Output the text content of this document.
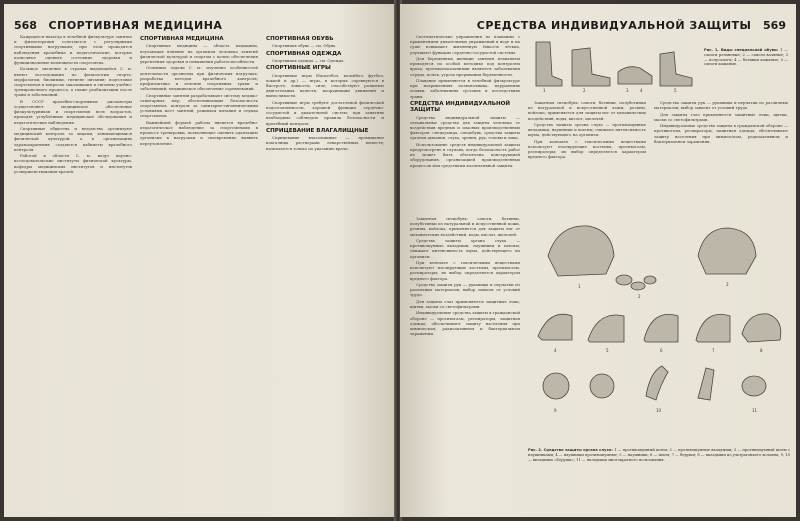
568 СПОРТИВНАЯ МЕДИЦИНА

Кажущееся некогда в лечебной физкультуре занятие и физиотерапия сочетаются с регулярными спортивными нагрузками; при этом проводятся наблюдения врачебные и педагогические, которые позволяют оценить состояние здоровья и функциональные возможности спортсмена.

Большое значение в странах выдающейся С. м. имеют исследования по физиологии спорта, морфологии, биохимии, гигиене питания; подготовке спортсменов в вопросах закаливания и гигиены учебно-тренировочного процесса, а также реабилитации после травм и заболеваний.

В СССР врачебно-спортивные диспансеры осуществляют медицинское обеспечение физкультурников и спортсменов всех возрастов, проводят углублённые медицинские обследования и педагогические наблюдения.

Спортивные общества и ведомства организуют медицинский контроль за лицами, занимающимися физической культурой, а в организациях здравоохранения создаются кабинеты врачебного контроля.

Работой в области С. м. ведут научно-исследовательские институты физической культуры, кафедры медицинских институтов и институтов усовершенствования врачей.

СПОРТИВНАЯ МЕДИЦИНА

Спортивная медицина — область медицины, изучающая влияние на организм человека занятий физической культурой и спортом с целью обеспечения укрепления здоровья и повышения работоспособности.

Основные задачи С. м.: изучение особенностей деятельности организма при физических нагрузках; разработка методов врачебного контроля; профилактика и лечение спортивных травм и заболеваний; медицинское обеспечение соревнований.

Спортивные занятия разрабатывают систему медико-санитарных мер, обеспечивающих безопасность спортсменов, контроль за санитарно-гигиеническими условиями мест занятий, режимом питания и отдыха спортсменов.

Важнейшей формой работы является врачебно-педагогическое наблюдение за спортсменами в процессе тренировки, позволяющее оценить адаптацию организма к нагрузкам и своевременно выявить переутомление.

СПОРТИВНАЯ ОБУВЬ

Спортивная обувь — см. Обувь.

СПОРТИВНАЯ ОДЕЖДА

Спортивная одежда — см. Одежда.

СПОРТИВНЫЕ ИГРЫ

Спортивные игры (баскетбол, волейбол, футбол, хоккей и др.) — игры, в которых соревнуются в быстроте, ловкости, силе; способствуют развитию двигательных качеств, координации движений и выносливости.

Спортивные игры требуют достаточной физической подготовленности, хорошей функции сердечно-сосудистой и дыхательной систем; при занятиях необходимо соблюдать правила безопасности и врачебный контроль.

СПРИЦЕВАНИЕ ВЛАГАЛИЩНЫЕ

Сприцевание влагалищные — промывание влагалища растворами лекарственных веществ; назначается только по указанию врача.

СРЕДСТВА ИНДИВИДУАЛЬНОЙ ЗАЩИТЫ 569

Систематические упражнения по плаванию с применением дыхательных упражнений в воде и на суше повышают жизненную ёмкость лёгких, улучшают функцию сердечно-сосудистой системы.

Для беременных женщин занятия плаванием проводятся по особой методике под контролем врача; противопоказаниями являются заболевания сердца, почек, угроза прерывания беременности.

Плавание применяется в лечебной физкультуре при искривлениях позвоночника, нарушениях осанки, заболеваниях суставов и последствиях травм.

СРЕДСТВА ИНДИВИДУАЛЬНОЙ ЗАЩИТЫ

Средства индивидуальной защиты — специальные средства для защиты человека от воздействия вредных и опасных производственных факторов: спецодежда, спецобувь, средства защиты органов дыхания, слуха, зрения, рук, головы и лица.

Использование средств индивидуальной защиты предусмотрено в случаях, когда безопасность работ не может быть обеспечена конструкцией оборудования, организацией производственных процессов или средствами коллективной защиты.

1	2	3	4	5
Рис. 1. Виды специальной обуви: 1 — сапоги резиновые; 2 — сапоги валяные; 3 — полусапоги; 4 — ботинки кожаные; 5 — сапоги кожаные.

Защитная спецобувь: сапоги, ботинки, полуботинки из натуральной и искусственной кожи, резины, войлока; применяется для защиты ног от механических воздействий, воды, кислот, щелочей.

Средства защиты органа слуха — противошумные вкладыши, наушники и шлемы; снижают интенсивность шума, действующего на организм.

При контакте с токсическими веществами используют изолирующие костюмы, противогазы, респираторы; их выбор определяется характером вредного фактора.

Средства защиты рук — рукавицы и перчатки из различных материалов; выбор зависит от условий труда.

Для защиты глаз применяются защитные очки, щитки, маски со светофильтрами.

Индивидуальные средства защиты в гражданской обороне — противогазы, респираторы, защитная одежда; обеспечивают защиту населения при химическом, радиоактивном и бактериальном заражении.

1
2
3
4	5	6	7	8
9	10	11

Защитная спецобувь: сапоги, ботинки, полуботинки из натуральной и искусственной кожи, резины, войлока; применяется для защиты ног от механических воздействий, воды, кислот, щелочей.

Средства защиты органа слуха — противошумные вкладыши, наушники и шлемы; снижают интенсивность шума, действующего на организм.

При контакте с токсическими веществами используют изолирующие костюмы, противогазы, респираторы; их выбор определяется характером вредного фактора.

Средства защиты рук — рукавицы и перчатки из различных материалов; выбор зависит от условий труда.

Для защиты глаз применяются защитные очки, щитки, маски со светофильтрами.

Индивидуальные средства защиты в гражданской обороне — противогазы, респираторы, защитная одежда; обеспечивают защиту населения при химическом, радиоактивном и бактериальном заражении.

Рис. 2. Средства защиты органа слуха: 1 — противошумный шлем; 2 — противошумные вкладыши; 3 — противошумный шлем с наушниками; 4 — наушники противошумные; 5 — наушники; 6 — шлем; 7 — беруши; 8 — вкладыши из ультратонкого волокна; 9, 10 — вкладыши «Беруши»; 11 — вкладыши многократного пользования.
